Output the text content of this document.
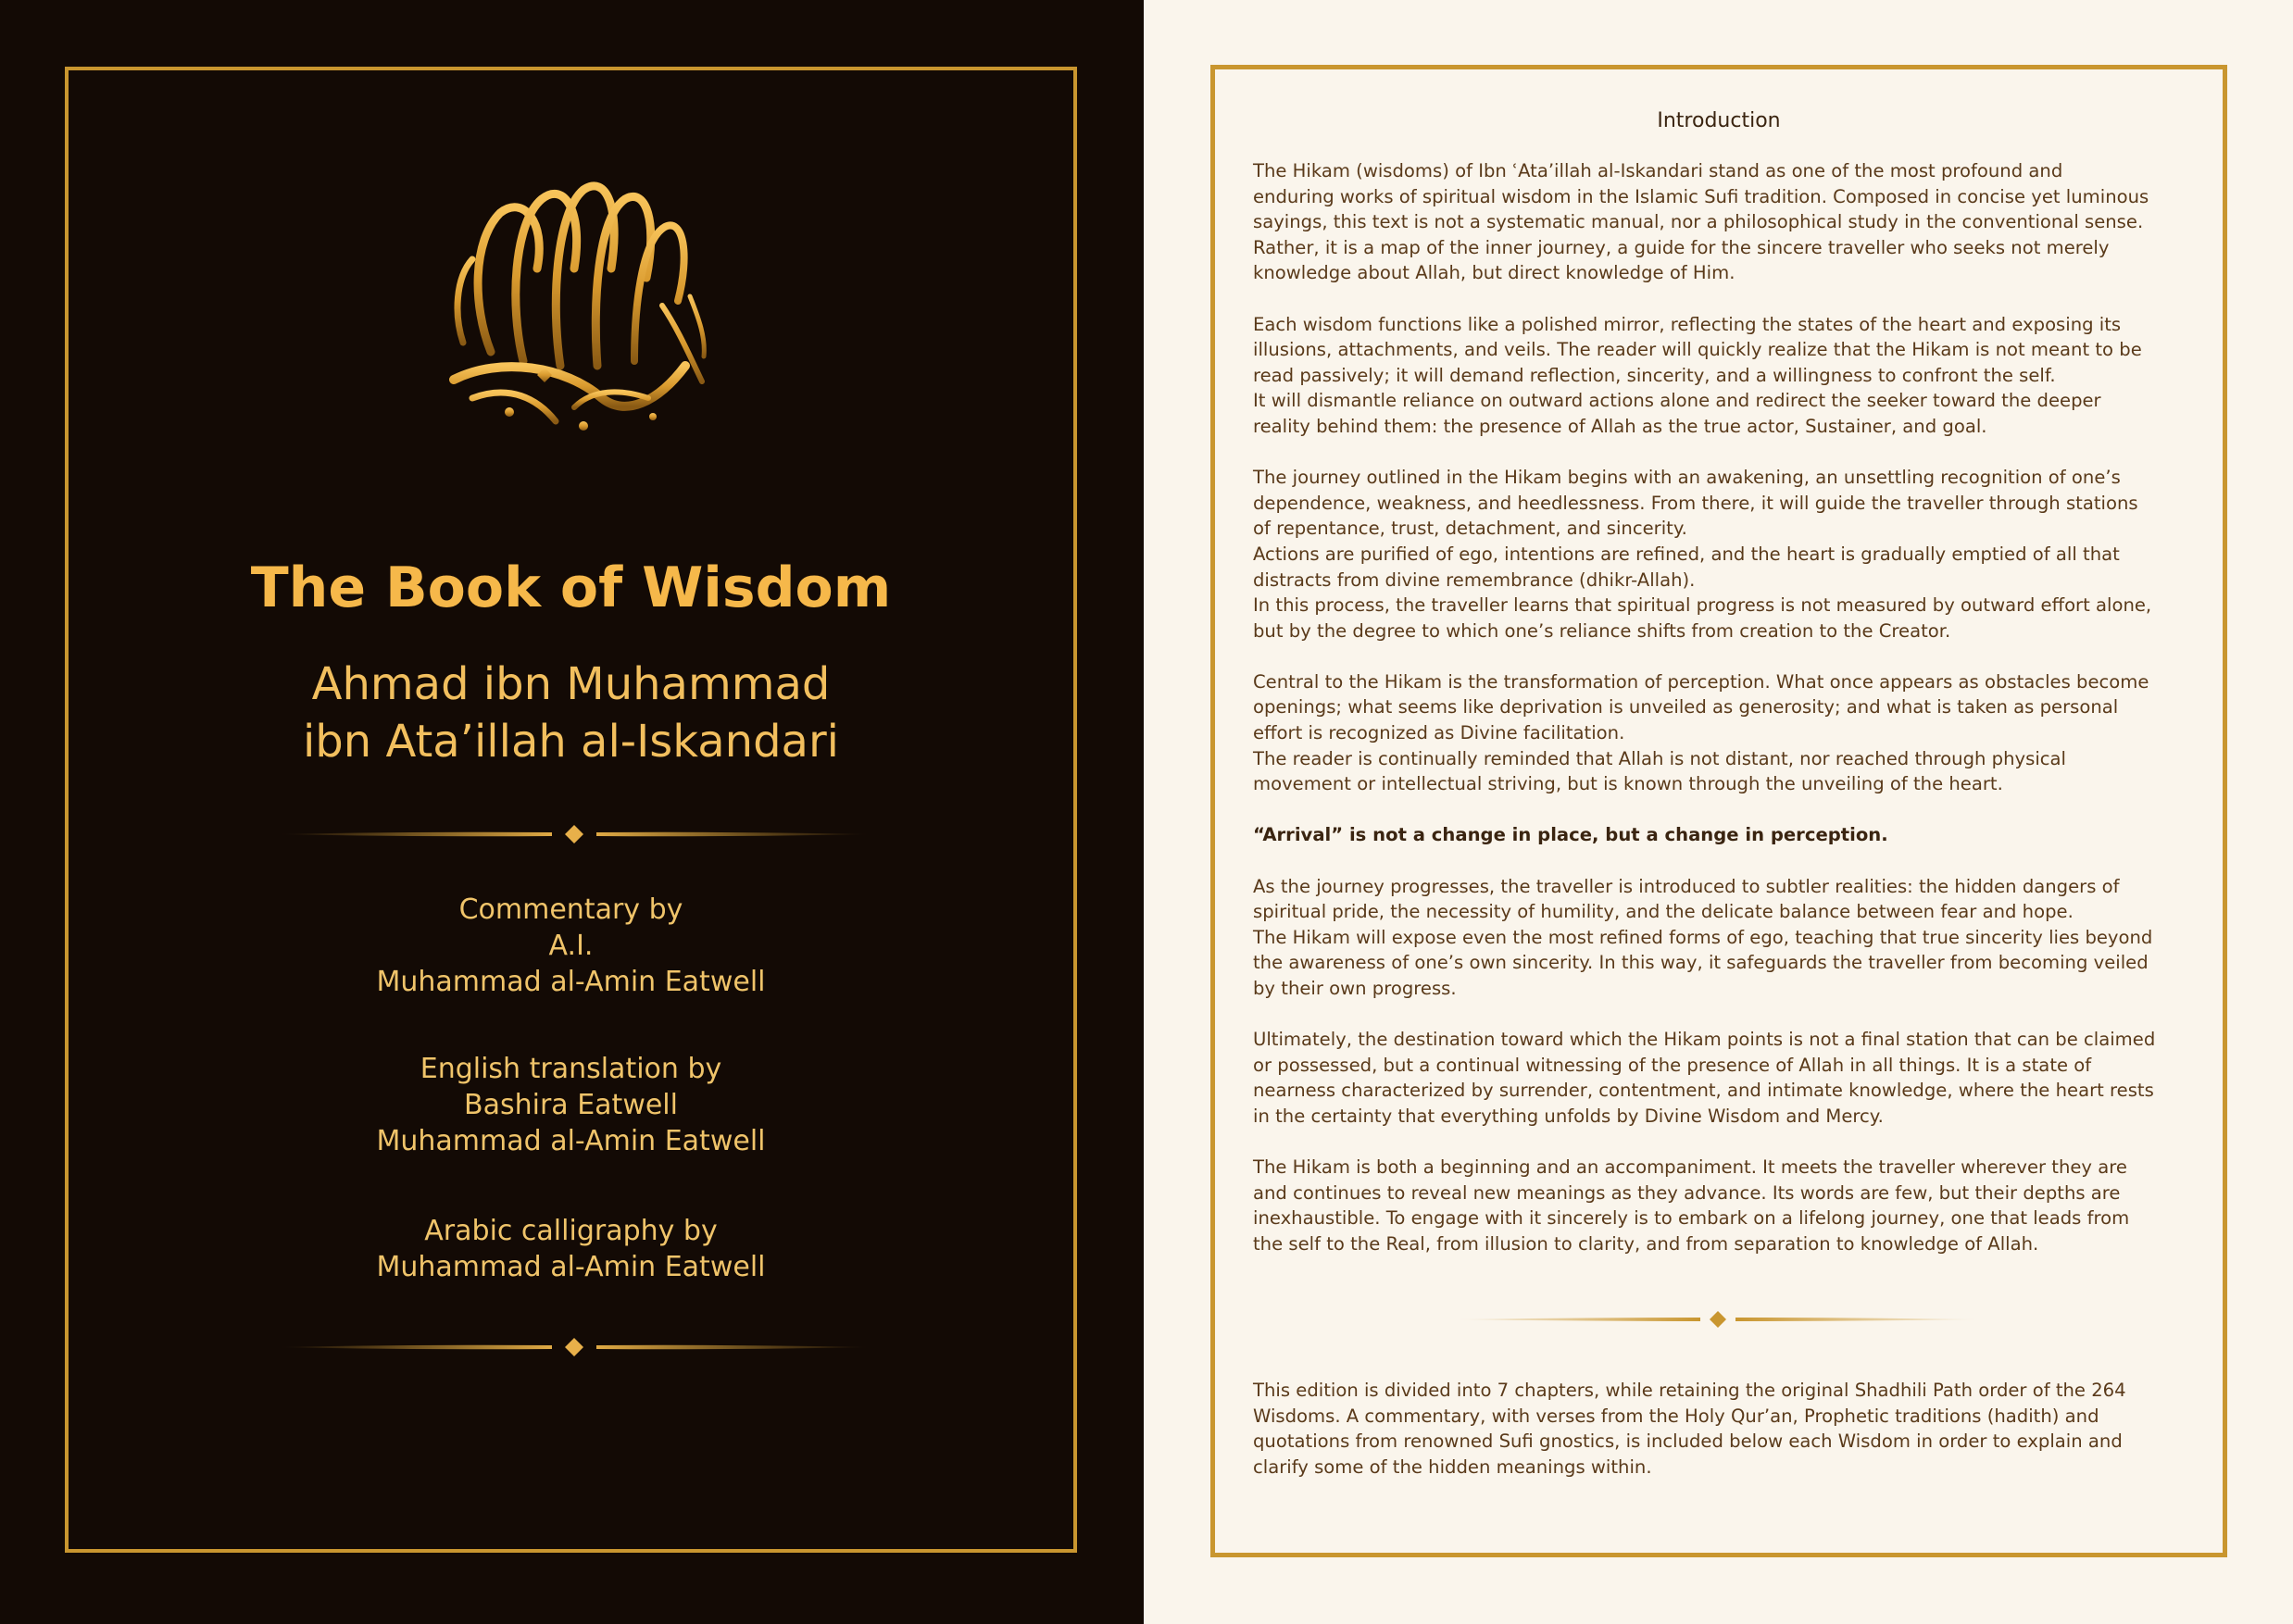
The Book of Wisdom
Ahmad ibn Muhammad
ibn Ata’illah al-Iskandari
Commentary by
A.I.
Muhammad al-Amin Eatwell
English translation by
Bashira Eatwell
Muhammad al-Amin Eatwell
Arabic calligraphy by
Muhammad al-Amin Eatwell
Introduction

The Hikam (wisdoms) of Ibn ʿAta’illah al-Iskandari stand as one of the most profound and
enduring works of spiritual wisdom in the Islamic Sufi tradition. Composed in concise yet luminous
sayings, this text is not a systematic manual, nor a philosophical study in the conventional sense.
Rather, it is a map of the inner journey, a guide for the sincere traveller who seeks not merely
knowledge about Allah, but direct knowledge of Him.

Each wisdom functions like a polished mirror, reflecting the states of the heart and exposing its
illusions, attachments, and veils. The reader will quickly realize that the Hikam is not meant to be
read passively; it will demand reflection, sincerity, and a willingness to confront the self.
It will dismantle reliance on outward actions alone and redirect the seeker toward the deeper
reality behind them: the presence of Allah as the true actor, Sustainer, and goal.

The journey outlined in the Hikam begins with an awakening, an unsettling recognition of one’s
dependence, weakness, and heedlessness. From there, it will guide the traveller through stations
of repentance, trust, detachment, and sincerity.
Actions are purified of ego, intentions are refined, and the heart is gradually emptied of all that
distracts from divine remembrance (dhikr-Allah).
In this process, the traveller learns that spiritual progress is not measured by outward effort alone,
but by the degree to which one’s reliance shifts from creation to the Creator.

Central to the Hikam is the transformation of perception. What once appears as obstacles become
openings; what seems like deprivation is unveiled as generosity; and what is taken as personal
effort is recognized as Divine facilitation.
The reader is continually reminded that Allah is not distant, nor reached through physical
movement or intellectual striving, but is known through the unveiling of the heart.

“Arrival” is not a change in place, but a change in perception.

As the journey progresses, the traveller is introduced to subtler realities: the hidden dangers of
spiritual pride, the necessity of humility, and the delicate balance between fear and hope.
The Hikam will expose even the most refined forms of ego, teaching that true sincerity lies beyond
the awareness of one’s own sincerity. In this way, it safeguards the traveller from becoming veiled
by their own progress.

Ultimately, the destination toward which the Hikam points is not a final station that can be claimed
or possessed, but a continual witnessing of the presence of Allah in all things. It is a state of
nearness characterized by surrender, contentment, and intimate knowledge, where the heart rests
in the certainty that everything unfolds by Divine Wisdom and Mercy.

The Hikam is both a beginning and an accompaniment. It meets the traveller wherever they are
and continues to reveal new meanings as they advance. Its words are few, but their depths are
inexhaustible. To engage with it sincerely is to embark on a lifelong journey, one that leads from
the self to the Real, from illusion to clarity, and from separation to knowledge of Allah.

This edition is divided into 7 chapters, while retaining the original Shadhili Path order of the 264
Wisdoms. A commentary, with verses from the Holy Qur’an, Prophetic traditions (hadith) and
quotations from renowned Sufi gnostics, is included below each Wisdom in order to explain and
clarify some of the hidden meanings within.
